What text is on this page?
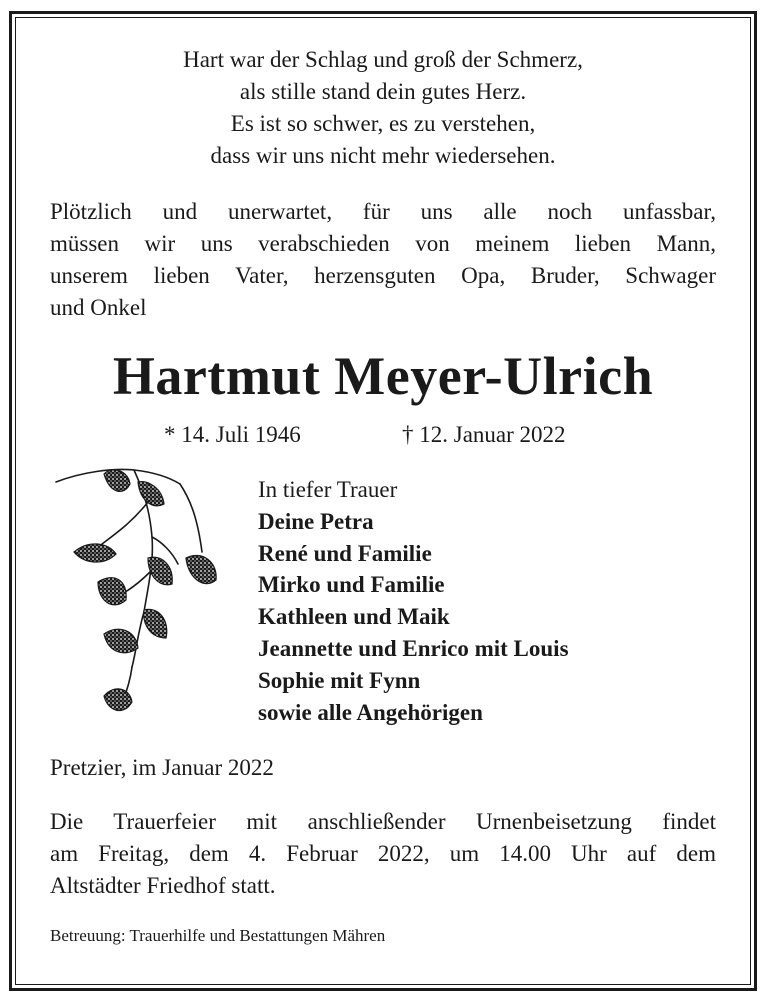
Hart war der Schlag und groß der Schmerz,
als stille stand dein gutes Herz.
Es ist so schwer, es zu verstehen,
dass wir uns nicht mehr wiedersehen.
Plötzlich und unerwartet, für uns alle noch unfassbar,
müssen wir uns verabschieden von meinem lieben Mann,
unserem lieben Vater, herzensguten Opa, Bruder, Schwager
und Onkel
Hartmut Meyer-Ulrich
* 14. Juli 1946	† 12. Januar 2022
In tiefer Trauer
Deine Petra
René und Familie
Mirko und Familie
Kathleen und Maik
Jeannette und Enrico mit Louis
Sophie mit Fynn
sowie alle Angehörigen
Pretzier, im Januar 2022
Die Trauerfeier mit anschließender Urnenbeisetzung findet
am Freitag, dem 4. Februar 2022, um 14.00 Uhr auf dem
Altstädter Friedhof statt.
Betreuung: Trauerhilfe und Bestattungen Mähren
